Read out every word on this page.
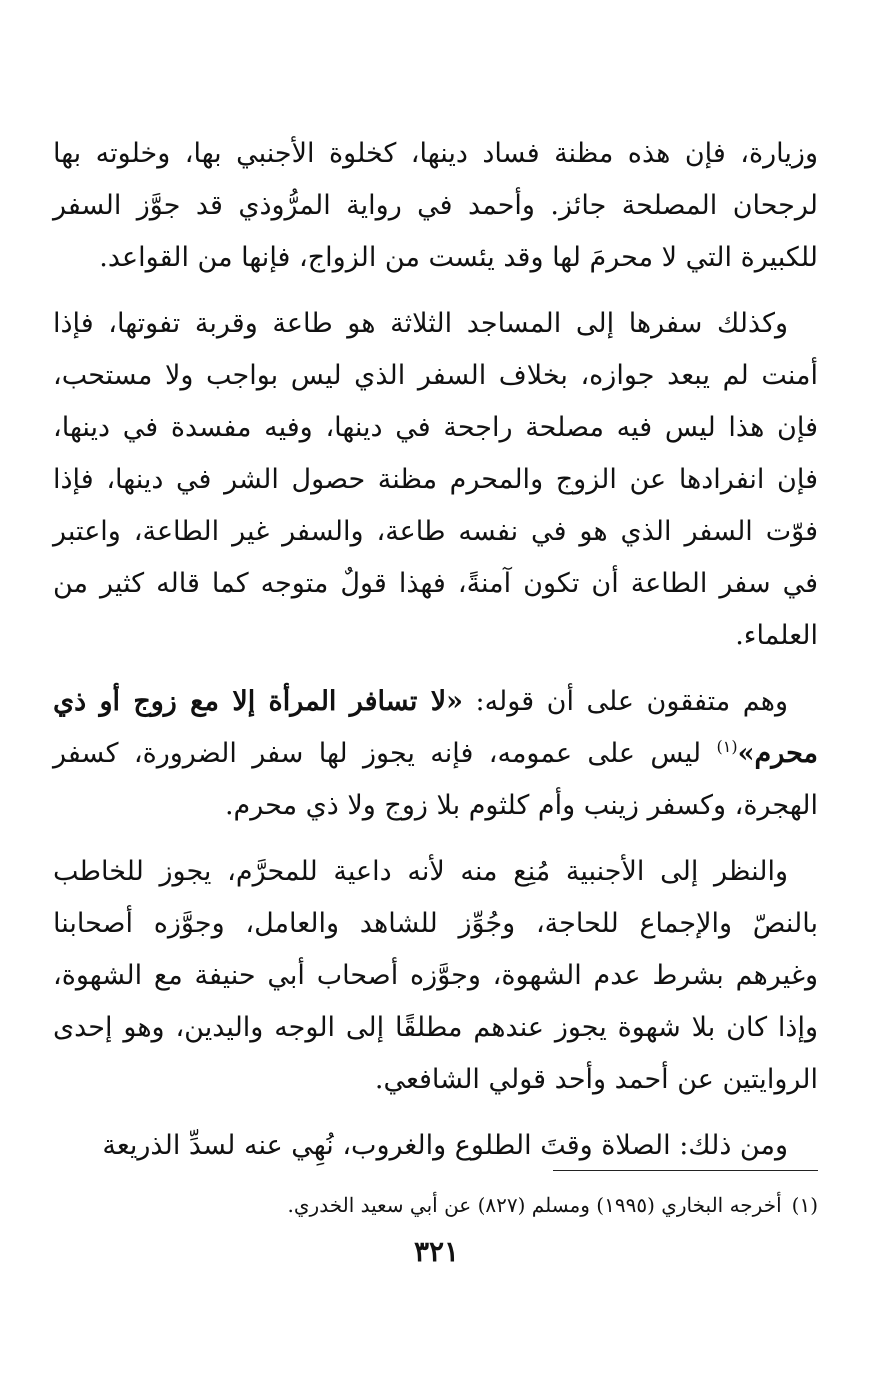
وزيارة، فإن هذه مظنة فساد دينها، كخلوة الأجنبي بها، وخلوته بها لرجحان المصلحة جائز. وأحمد في رواية المرُّوذي قد جوَّز السفر للكبيرة التي لا محرمَ لها وقد يئست من الزواج، فإنها من القواعد.

وكذلك سفرها إلى المساجد الثلاثة هو طاعة وقربة تفوتها، فإذا أمنت لم يبعد جوازه، بخلاف السفر الذي ليس بواجب ولا مستحب، فإن هذا ليس فيه مصلحة راجحة في دينها، وفيه مفسدة في دينها، فإن انفرادها عن الزوج والمحرم مظنة حصول الشر في دينها، فإذا فوّت السفر الذي هو في نفسه طاعة، والسفر غير الطاعة، واعتبر في سفر الطاعة أن تكون آمنةً، فهذا قولٌ متوجه كما قاله كثير من العلماء.

وهم متفقون على أن قوله: «لا تسافر المرأة إلا مع زوج أو ذي محرم»$^{(١)}$ ليس على عمومه، فإنه يجوز لها سفر الضرورة، كسفر الهجرة، وكسفر زينب وأم كلثوم بلا زوج ولا ذي محرم.

والنظر إلى الأجنبية مُنِع منه لأنه داعية للمحرَّم، يجوز للخاطب بالنصّ والإجماع للحاجة، وجُوِّز للشاهد والعامل، وجوَّزه أصحابنا وغيرهم بشرط عدم الشهوة، وجوَّزه أصحاب أبي حنيفة مع الشهوة، وإذا كان بلا شهوة يجوز عندهم مطلقًا إلى الوجه واليدين، وهو إحدى الروايتين عن أحمد وأحد قولي الشافعي.

ومن ذلك: الصلاة وقتَ الطلوع والغروب، نُهِي عنه لسدِّ الذريعة

(١)أخرجه البخاري (١٩٩٥) ومسلم (٨٢٧) عن أبي سعيد الخدري.
٣٢١
